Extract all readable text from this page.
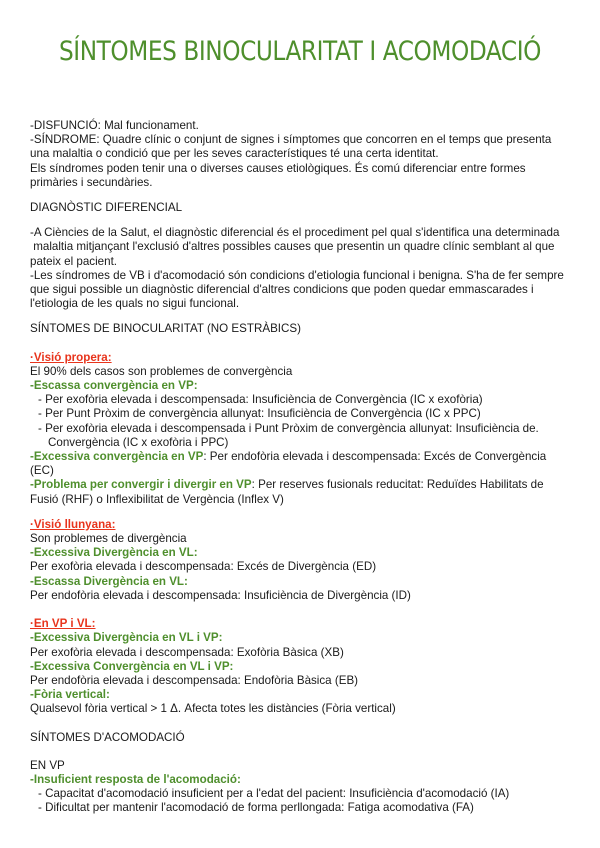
SÍNTOMES BINOCULARITAT I ACOMODACIÓ
-DISFUNCIÓ: Mal funcionament.
-SÍNDROME: Quadre clínic o conjunt de signes i símptomes que concorren en el temps que presenta
una malaltia o condició que per les seves característiques té una certa identitat.
Els síndromes poden tenir una o diverses causes etiològiques. És comú diferenciar entre formes
primàries i secundàries.
DIAGNÒSTIC DIFERENCIAL
-A Ciències de la Salut, el diagnòstic diferencial és el procediment pel qual s'identifica una determinada
malaltia mitjançant l'exclusió d'altres possibles causes que presentin un quadre clínic semblant al que
pateix el pacient.
-Les síndromes de VB i d'acomodació són condicions d'etiologia funcional i benigna. S'ha de fer sempre
que sigui possible un diagnòstic diferencial d'altres condicions que poden quedar emmascarades i
l'etiologia de les quals no sigui funcional.
SÍNTOMES DE BINOCULARITAT (NO ESTRÀBICS)
·Visió propera:
El 90% dels casos son problemes de convergència
-Escassa convergència en VP:
- Per exofòria elevada i descompensada: Insuficiència de Convergència (IC x exofòria)
- Per Punt Pròxim de convergència allunyat: Insuficiència de Convergència (IC x PPC)
- Per exofòria elevada i descompensada i Punt Pròxim de convergència allunyat: Insuficiència de.
Convergència (IC x exofòria i PPC)
-Excessiva convergència en VP: Per endofòria elevada i descompensada: Excés de Convergència
(EC)
-Problema per convergir i divergir en VP: Per reserves fusionals reducitat: Reduïdes Habilitats de
Fusió (RHF) o Inflexibilitat de Vergència (Inflex V)
·Visió llunyana:
Son problemes de divergència
-Excessiva Divergència en VL:
Per exofòria elevada i descompensada: Excés de Divergència (ED)
-Escassa Divergència en VL:
Per endofòria elevada i descompensada: Insuficiència de Divergència (ID)
·En VP i VL:
-Excessiva Divergència en VL i VP:
Per exofòria elevada i descompensada: Exofòria Bàsica (XB)
-Excessiva Convergència en VL i VP:
Per endofòria elevada i descompensada: Endofòria Bàsica (EB)
-Fòria vertical:
Qualsevol fòria vertical > 1 Δ. Afecta totes les distàncies (Fòria vertical)
SÍNTOMES D'ACOMODACIÓ
EN VP
-Insuficient resposta de l'acomodació:
- Capacitat d'acomodació insuficient per a l'edat del pacient: Insuficiència d'acomodació (IA)
- Dificultat per mantenir l'acomodació de forma perllongada: Fatiga acomodativa (FA)
